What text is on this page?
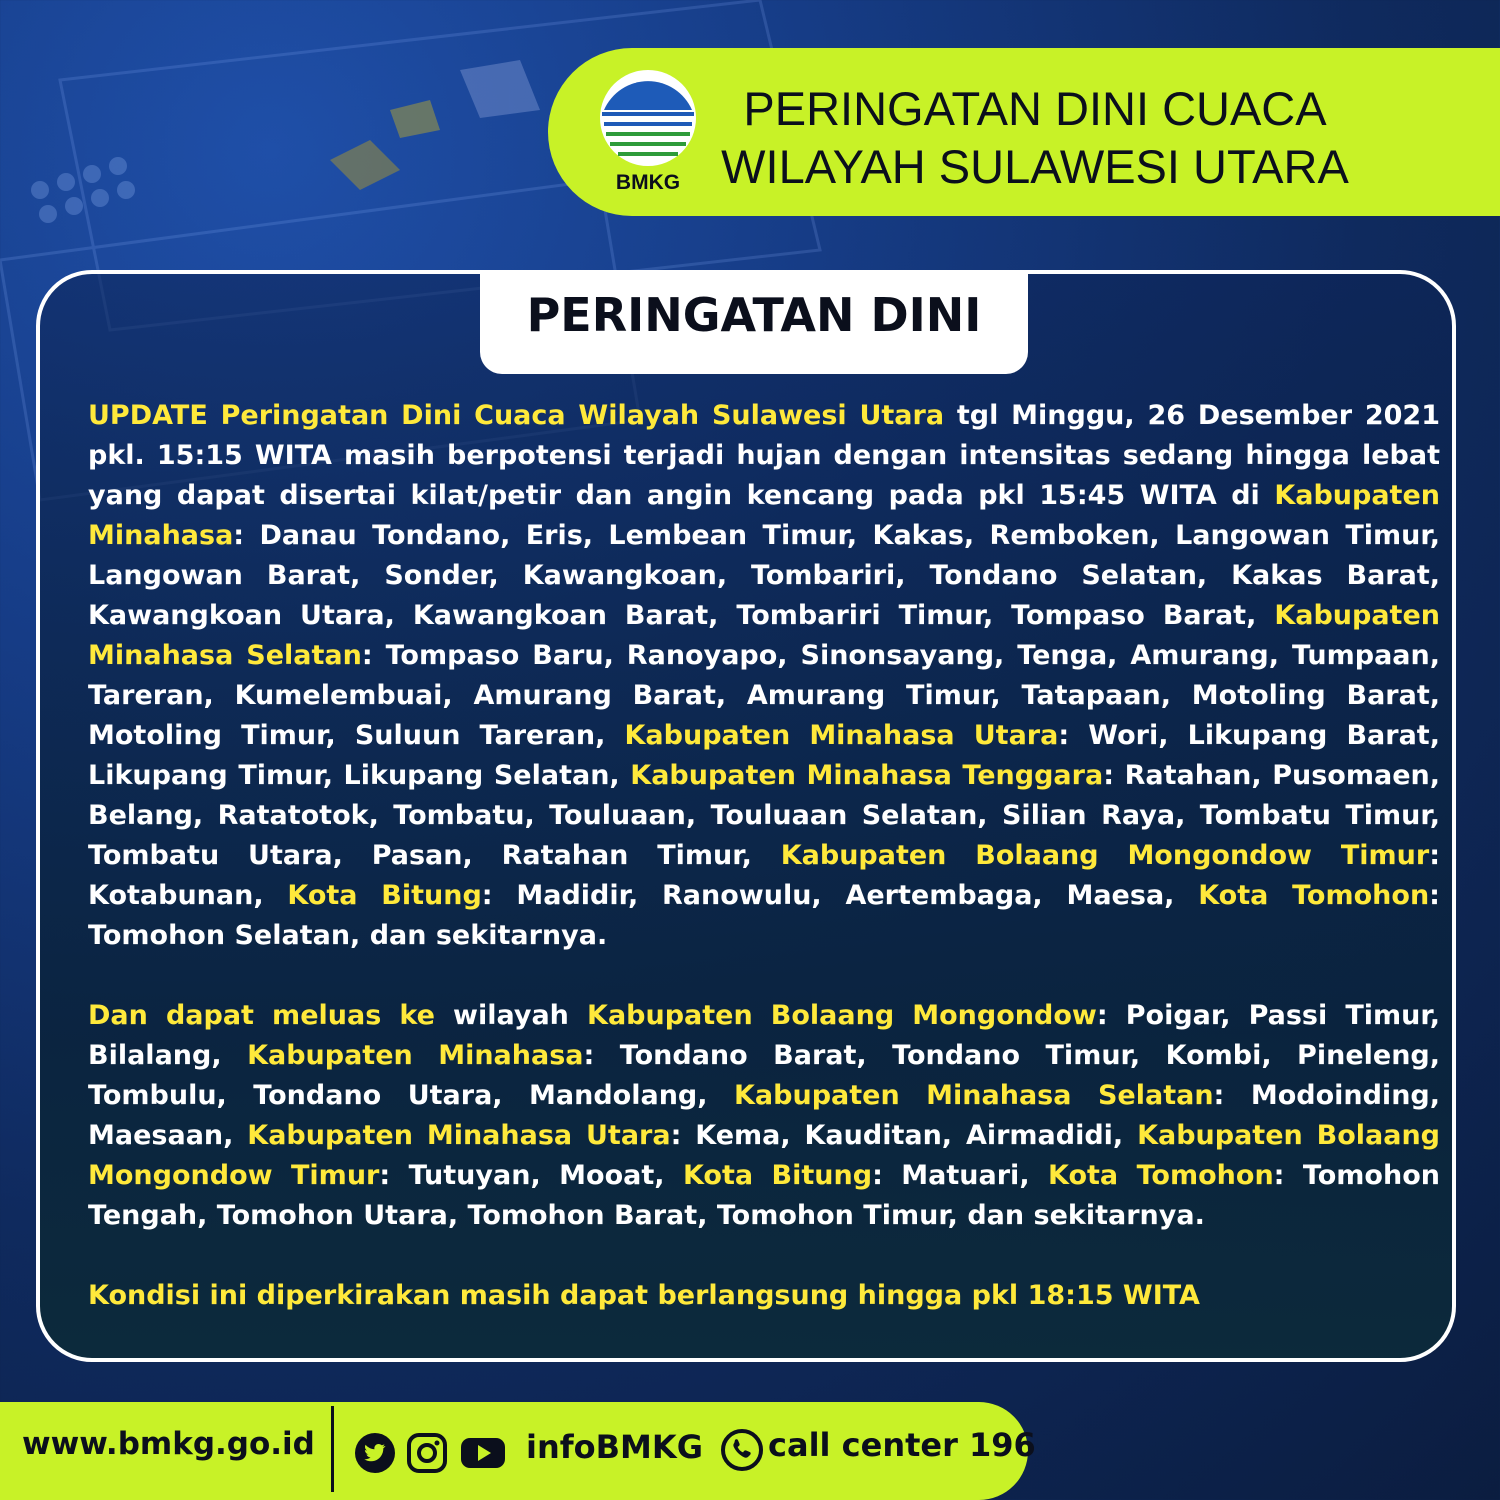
BMKG
PERINGATAN DINI CUACA
WILAYAH SULAWESI UTARA
PERINGATAN DINI

UPDATE Peringatan Dini Cuaca Wilayah Sulawesi Utara tgl Minggu, 26 Desember 2021 pkl. 15:15 WITA masih berpotensi terjadi hujan dengan intensitas sedang hingga lebat yang dapat disertai kilat/petir dan angin kencang pada pkl 15:45 WITA di Kabupaten Minahasa: Danau Tondano, Eris, Lembean Timur, Kakas, Remboken, Langowan Timur, Langowan Barat, Sonder, Kawangkoan, Tombariri, Tondano Selatan, Kakas Barat, Kawangkoan Utara, Kawangkoan Barat, Tombariri Timur, Tompaso Barat, Kabupaten Minahasa Selatan: Tompaso Baru, Ranoyapo, Sinonsayang, Tenga, Amurang, Tumpaan, Tareran, Kumelembuai, Amurang Barat, Amurang Timur, Tatapaan, Motoling Barat, Motoling Timur, Suluun Tareran, Kabupaten Minahasa Utara: Wori, Likupang Barat, Likupang Timur, Likupang Selatan, Kabupaten Minahasa Tenggara: Ratahan, Pusomaen, Belang, Ratatotok, Tombatu, Touluaan, Touluaan Selatan, Silian Raya, Tombatu Timur, Tombatu Utara, Pasan, Ratahan Timur, Kabupaten Bolaang Mongondow Timur: Kotabunan, Kota Bitung: Madidir, Ranowulu, Aertembaga, Maesa, Kota Tomohon: Tomohon Selatan, dan sekitarnya.

Dan dapat meluas ke wilayah Kabupaten Bolaang Mongondow: Poigar, Passi Timur, Bilalang, Kabupaten Minahasa: Tondano Barat, Tondano Timur, Kombi, Pineleng, Tombulu, Tondano Utara, Mandolang, Kabupaten Minahasa Selatan: Modoinding, Maesaan, Kabupaten Minahasa Utara: Kema, Kauditan, Airmadidi, Kabupaten Bolaang Mongondow Timur: Tutuyan, Mooat, Kota Bitung: Matuari, Kota Tomohon: Tomohon Tengah, Tomohon Utara, Tomohon Barat, Tomohon Timur, dan sekitarnya.

Kondisi ini diperkirakan masih dapat berlangsung hingga pkl 18:15 WITA

www.bmkg.go.id	infoBMKG call center 196
